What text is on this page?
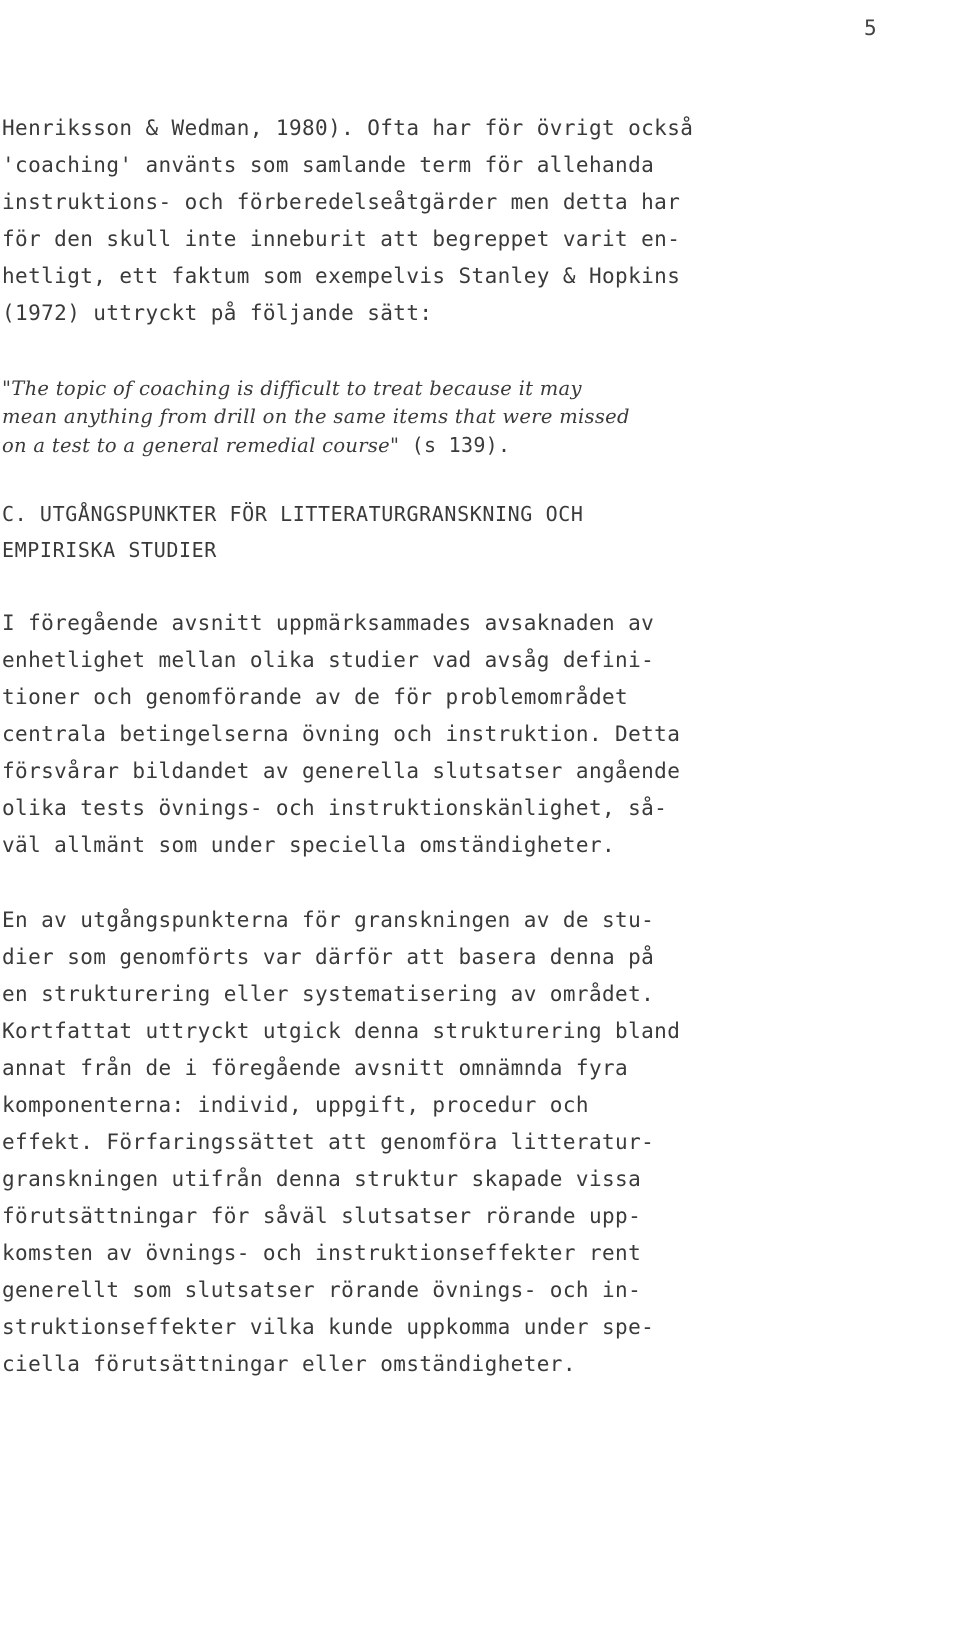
5
Henriksson & Wedman, 1980). Ofta har för övrigt också
'coaching' använts som samlande term för allehanda
instruktions- och förberedelseåtgärder men detta har
för den skull inte inneburit att begreppet varit en-
hetligt, ett faktum som exempelvis Stanley & Hopkins
(1972) uttryckt på följande sätt:
"The topic of coaching is difficult to treat because it may
mean anything from drill on the same items that were missed
on a test to a general remedial course" (s 139).
C. UTGÅNGSPUNKTER FÖR LITTERATURGRANSKNING OCH
EMPIRISKA STUDIER
I föregående avsnitt uppmärksammades avsaknaden av
enhetlighet mellan olika studier vad avsåg defini-
tioner och genomförande av de för problemområdet
centrala betingelserna övning och instruktion. Detta
försvårar bildandet av generella slutsatser angående
olika tests övnings- och instruktionskänlighet, så-
väl allmänt som under speciella omständigheter.
En av utgångspunkterna för granskningen av de stu-
dier som genomförts var därför att basera denna på
en strukturering eller systematisering av området.
Kortfattat uttryckt utgick denna strukturering bland
annat från de i föregående avsnitt omnämnda fyra
komponenterna: individ, uppgift, procedur och
effekt. Förfaringssättet att genomföra litteratur-
granskningen utifrån denna struktur skapade vissa
förutsättningar för såväl slutsatser rörande upp-
komsten av övnings- och instruktionseffekter rent
generellt som slutsatser rörande övnings- och in-
struktionseffekter vilka kunde uppkomma under spe-
ciella förutsättningar eller omständigheter.
